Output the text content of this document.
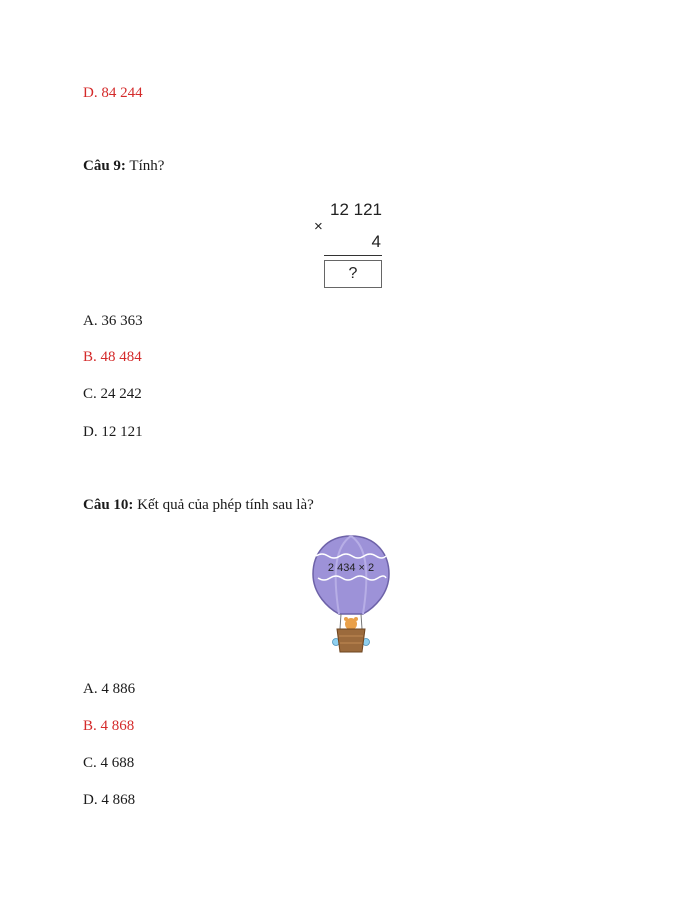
D. 84 244
Câu 9: Tính?
12 121
×
4
?
A. 36 363
B. 48 484
C. 24 242
D. 12 121
Câu 10: Kết quả của phép tính sau là?
2 434 × 2
A. 4 886
B. 4 868
C. 4 688
D. 4 868
